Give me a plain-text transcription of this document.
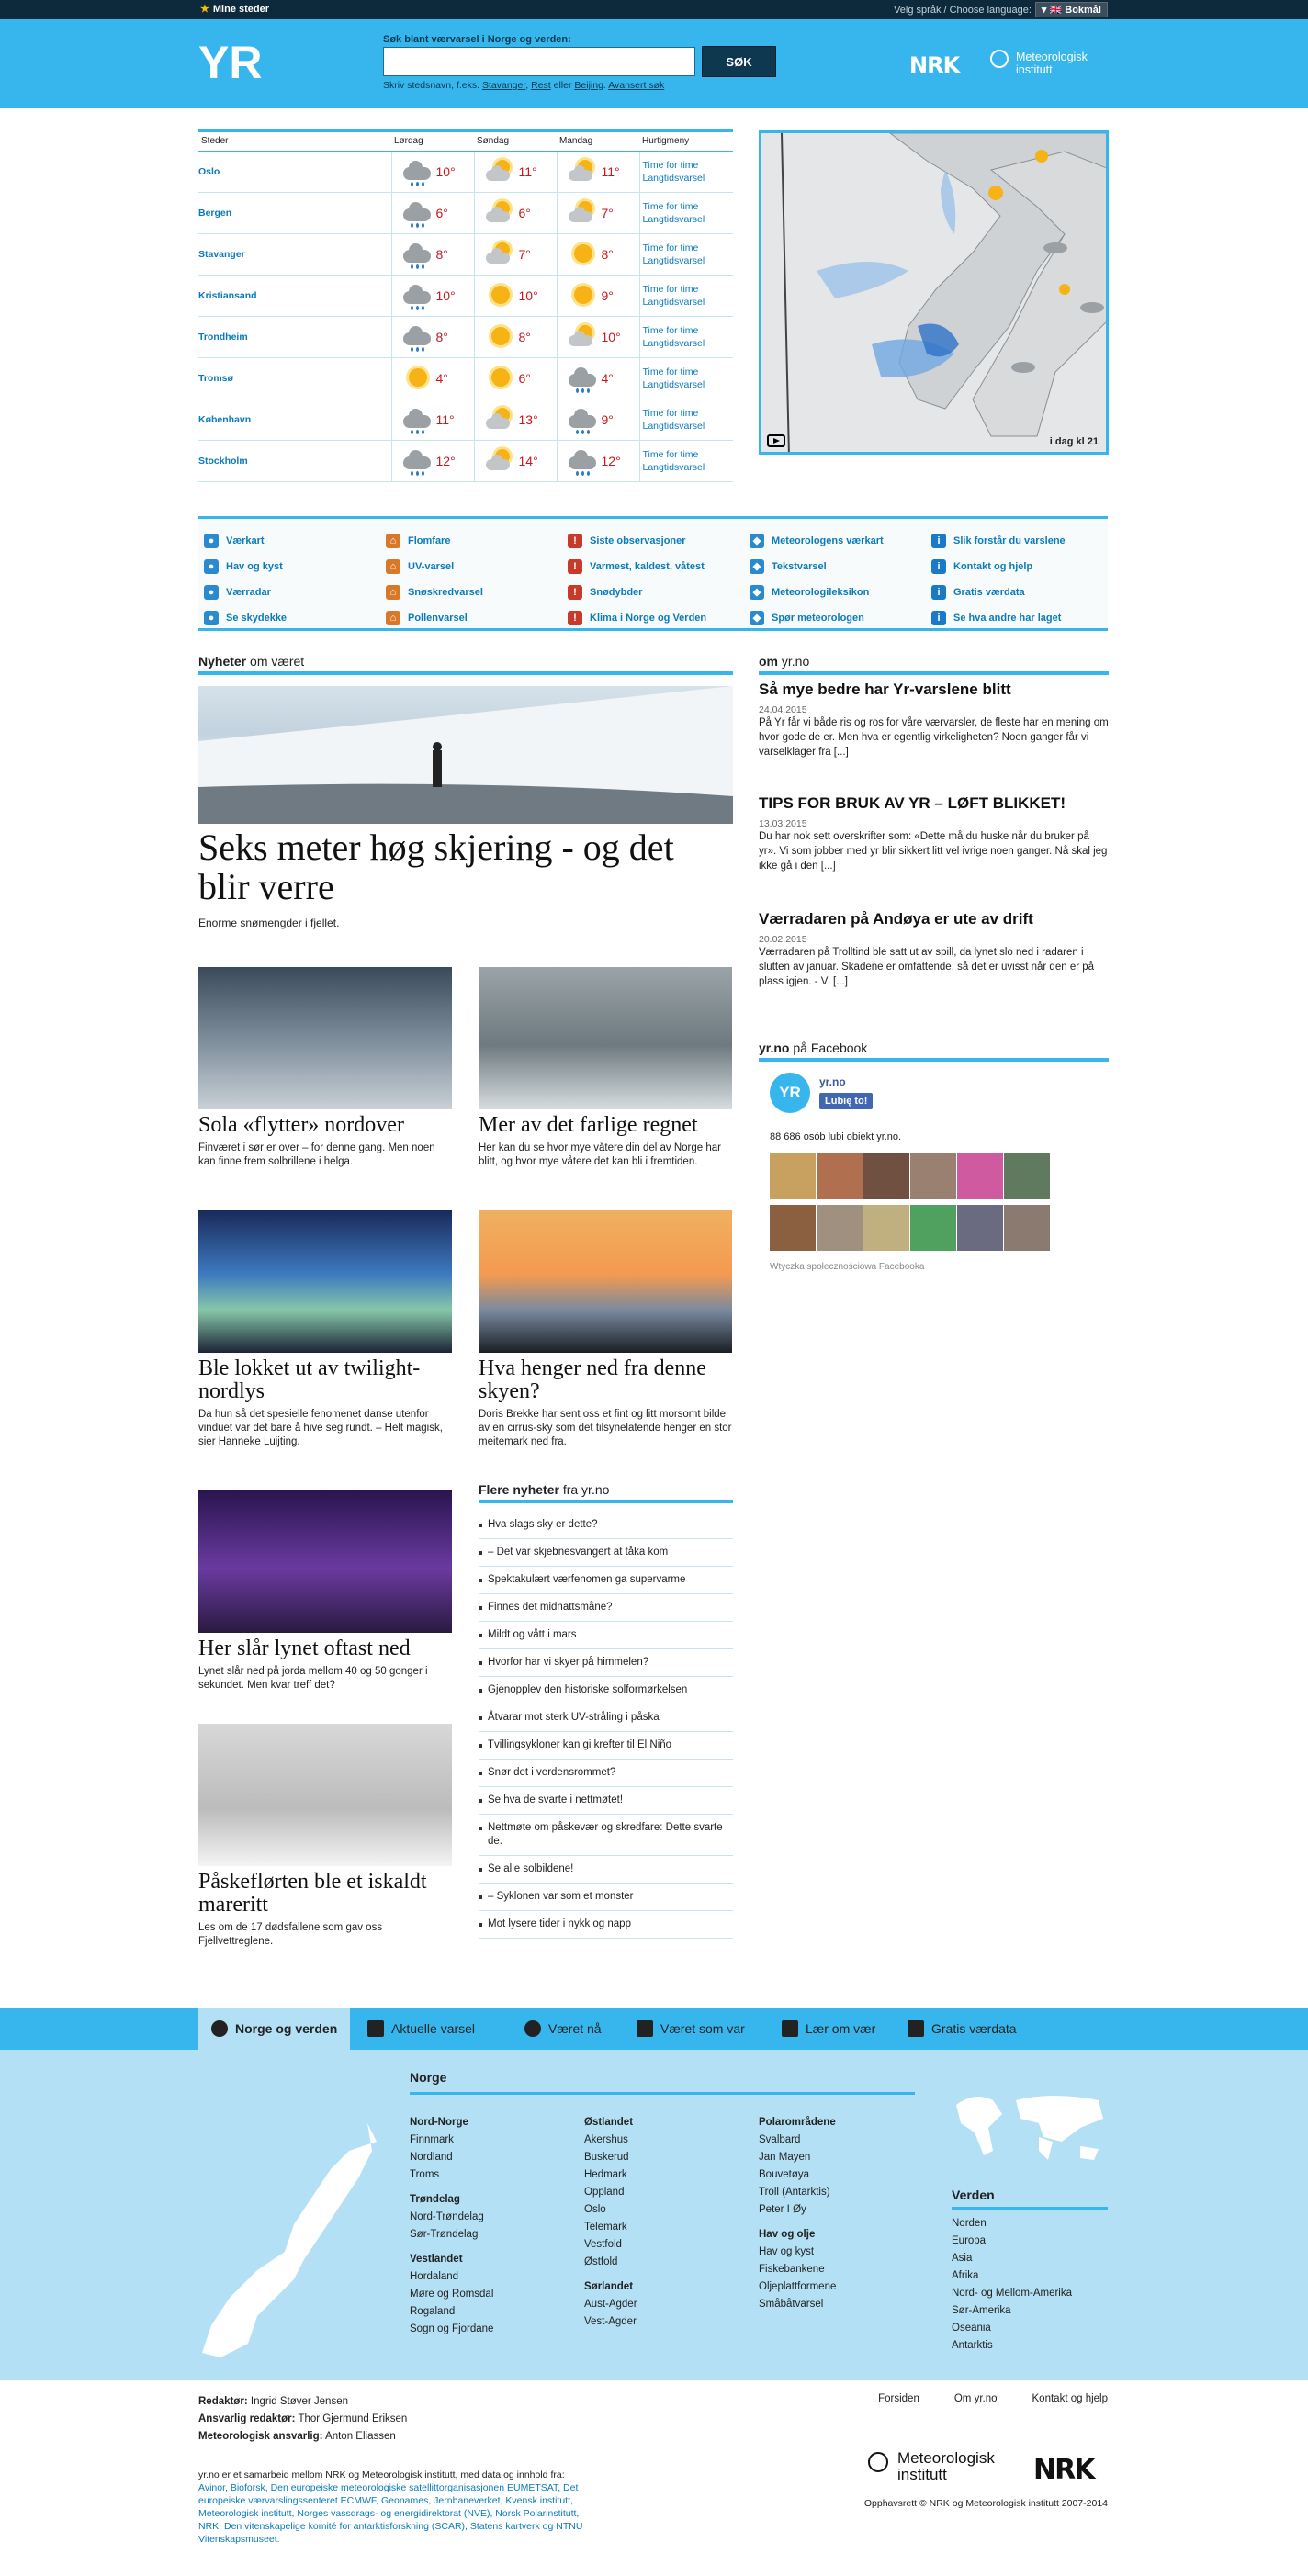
★ Mine steder	Velg språk / Choose language: ▾ 🇬🇧 Bokmål
YR	Søk blant værvarsel i Norge og verden:
SØK
Skriv stedsnavn, f.eks. Stavanger, Rest eller Beijing. Avansert søk
NRK	Meteorologisk
institutt
Steder	Lørdag	Søndag	Mandag	Hurtigmeny
Oslo	10°	11°	11°	Time for time
Langtidsvarsel

Bergen	6°	6°	7°	Time for time
Langtidsvarsel

Stavanger	8°	7°	8°	Time for time
Langtidsvarsel

Kristiansand	10°	10°	9°	Time for time
Langtidsvarsel

Trondheim	8°	8°	10°	Time for time
Langtidsvarsel

Tromsø	4°	6°	4°	Time for time
Langtidsvarsel

København	11°	13°	9°	Time for time
Langtidsvarsel

Stockholm	12°	14°	12°	Time for time
Langtidsvarsel
i dag kl 21
●	Værkart
●	Hav og kyst
●	Værradar
●	Se skydekke
⌂	Flomfare
⌂	UV-varsel
⌂	Snøskredvarsel
⌂	Pollenvarsel
!	Siste observasjoner
!	Varmest, kaldest, våtest
!	Snødybder
!	Klima i Norge og Verden
◆	Meteorologens værkart
◆	Tekstvarsel
◆	Meteorologileksikon
◆	Spør meteorologen
i	Slik forstår du varslene
i	Kontakt og hjelp
i	Gratis værdata
i	Se hva andre har laget
Nyheter om været
Seks meter høg skjering - og det blir verre
Enorme snømengder i fjellet.
Sola «flytter» nordover
Finværet i sør er over – for denne gang. Men noen kan finne frem solbrillene i helga.
Mer av det farlige regnet
Her kan du se hvor mye våtere din del av Norge har blitt, og hvor mye våtere det kan bli i fremtiden.
Ble lokket ut av twilight-nordlys
Da hun så det spesielle fenomenet danse utenfor vinduet var det bare å hive seg rundt. – Helt magisk, sier Hanneke Luijting.
Hva henger ned fra denne skyen?
Doris Brekke har sent oss et fint og litt morsomt bilde av en cirrus-sky som det tilsynelatende henger en stor meitemark ned fra.
Her slår lynet oftast ned
Lynet slår ned på jorda mellom 40 og 50 gonger i sekundet. Men kvar treff det?
Påskeflørten ble et iskaldt mareritt
Les om de 17 dødsfallene som gav oss Fjellvettreglene.
om yr.no
Så mye bedre har Yr-varslene blitt
24.04.2015
På Yr får vi både ris og ros for våre værvarsler, de fleste har en mening om hvor gode de er. Men hva er egentlig virkeligheten? Noen ganger får vi varselklager fra [...]
TIPS FOR BRUK AV YR – LØFT BLIKKET!
13.03.2015
Du har nok sett overskrifter som: «Dette må du huske når du bruker på yr». Vi som jobber med yr blir sikkert litt vel ivrige noen ganger. Nå skal jeg ikke gå i den [...]
Værradaren på Andøya er ute av drift
20.02.2015
Værradaren på Trolltind ble satt ut av spill, da lynet slo ned i radaren i slutten av januar. Skadene er omfattende, så det er uvisst når den er på plass igjen. - Vi [...]
yr.no på Facebook
YR
yr.no
Lubię to!
88 686 osób lubi obiekt yr.no.
Wtyczka społecznościowa Facebooka
Flere nyheter fra yr.no
Hva slags sky er dette?
– Det var skjebnesvangert at tåka kom
Spektakulært værfenomen ga supervarme
Finnes det midnattsmåne?
Mildt og vått i mars
Hvorfor har vi skyer på himmelen?
Gjenopplev den historiske solformørkelsen
Åtvarar mot sterk UV-stråling i påska
Tvillingsykloner kan gi krefter til El Niño
Snør det i verdensrommet?
Se hva de svarte i nettmøtet!
Nettmøte om påskevær og skredfare: Dette svarte de.
Se alle solbildene!
– Syklonen var som et monster
Mot lysere tider i nykk og napp
Norge og verden	Aktuelle varsel	Været nå	Været som var	Lær om vær	Gratis værdata
Norge
Nord-Norge
Finnmark
Nordland
Troms
Trøndelag
Nord-Trøndelag
Sør-Trøndelag
Vestlandet
Hordaland
Møre og Romsdal
Rogaland
Sogn og Fjordane
Østlandet
Akershus
Buskerud
Hedmark
Oppland
Oslo
Telemark
Vestfold
Østfold
Sørlandet
Aust-Agder
Vest-Agder
Polarområdene
Svalbard
Jan Mayen
Bouvetøya
Troll (Antarktis)
Peter I Øy
Hav og olje
Hav og kyst
Fiskebankene
Oljeplattformene
Småbåtvarsel
Verden
Norden
Europa
Asia
Afrika
Nord- og Mellom-Amerika
Sør-Amerika
Oseania
Antarktis
Redaktør: Ingrid Støver Jensen
Ansvarlig redaktør: Thor Gjermund Eriksen
Meteorologisk ansvarlig: Anton Eliassen
Forsiden	Om yr.no	Kontakt og hjelp
yr.no er et samarbeid mellom NRK og Meteorologisk institutt, med data og innhold fra:
Avinor, Bioforsk, Den europeiske meteorologiske satellittorganisasjonen EUMETSAT, Det europeiske værvarslingssenteret ECMWF, Geonames, Jernbaneverket, Kvensk institutt, Meteorologisk institutt, Norges vassdrags- og energidirektorat (NVE), Norsk Polarinstitutt, NRK, Den vitenskapelige komité for antarktisforskning (SCAR), Statens kartverk og NTNU Vitenskapsmuseet.
Meteorologisk
institutt	NRK
Opphavsrett © NRK og Meteorologisk institutt 2007-2014
